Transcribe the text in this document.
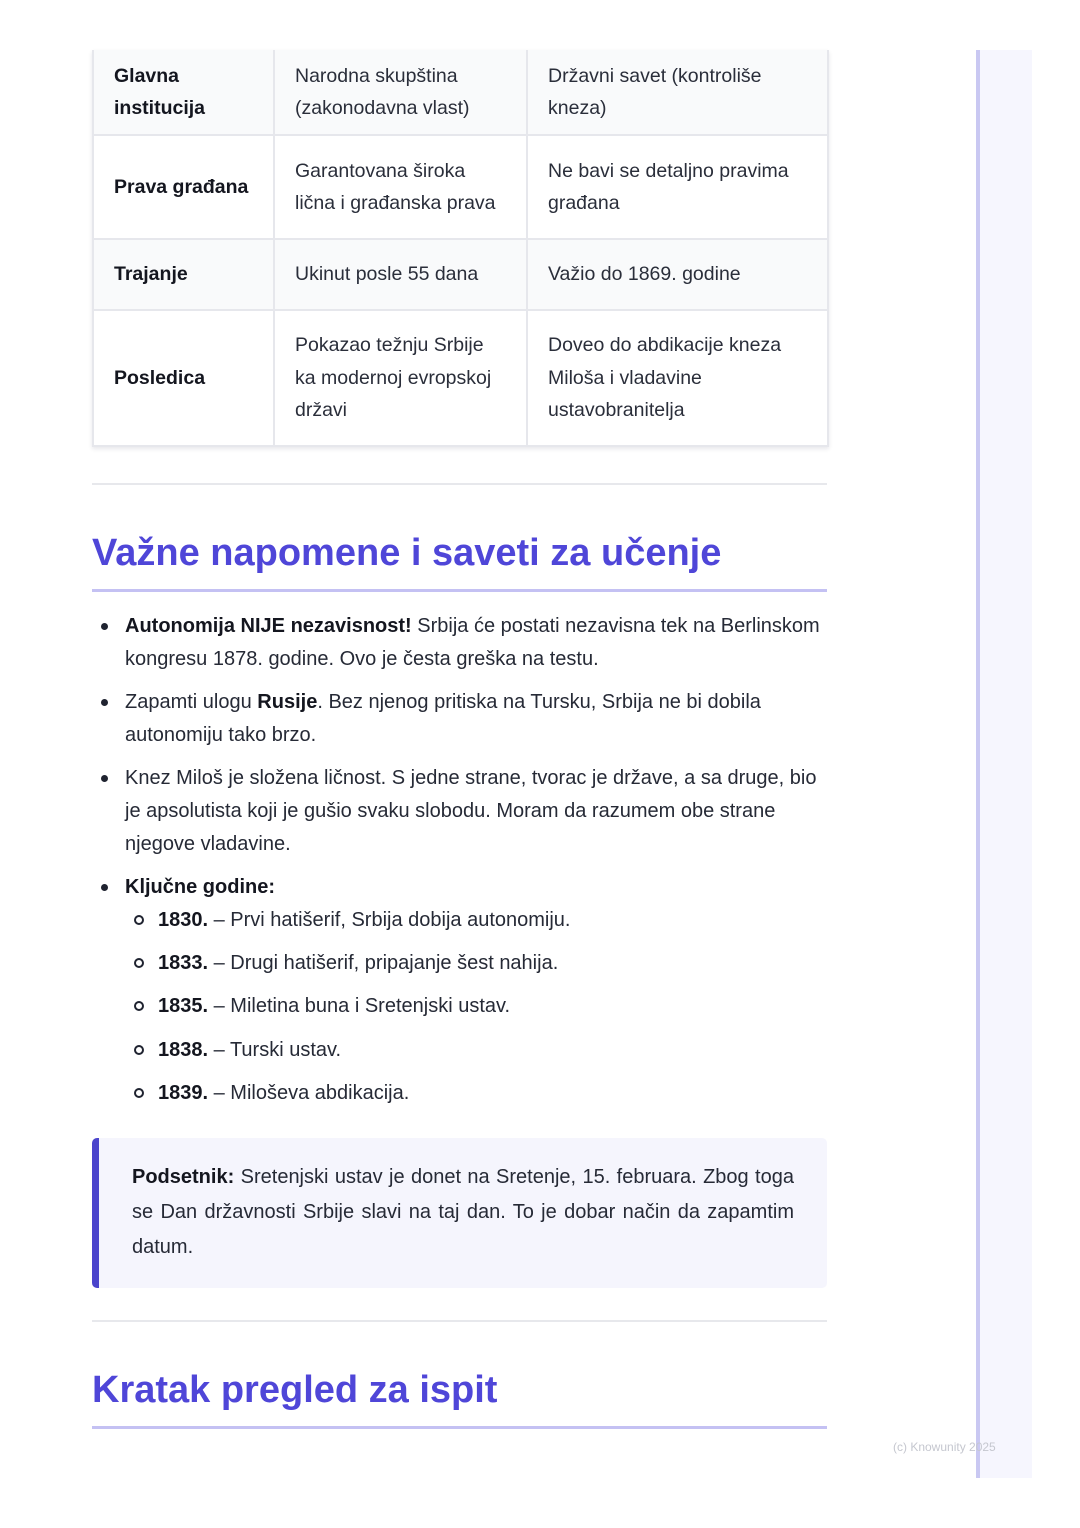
Glavna institucija	Narodna skupština (zakonodavna vlast)	Državni savet (kontroliše kneza)
Prava građana	Garantovana široka lična i građanska prava	Ne bavi se detaljno pravima građana
Trajanje	Ukinut posle 55 dana	Važio do 1869. godine
Posledica	Pokazao težnju Srbije ka modernoj evropskoj državi	Doveo do abdikacije kneza Miloša i vladavine ustavobranitelja
Važne napomene i saveti za učenje
Autonomija NIJE nezavisnost! Srbija će postati nezavisna tek na Berlinskom kongresu 1878. godine. Ovo je česta greška na testu.
Zapamti ulogu Rusije. Bez njenog pritiska na Tursku, Srbija ne bi dobila autonomiju tako brzo.
Knez Miloš je složena ličnost. S jedne strane, tvorac je države, a sa druge, bio je apsolutista koji je gušio svaku slobodu. Moram da razumem obe strane njegove vladavine.
Ključne godine:
1830. – Prvi hatišerif, Srbija dobija autonomiju.
1833. – Drugi hatišerif, pripajanje šest nahija.
1835. – Miletina buna i Sretenjski ustav.
1838. – Turski ustav.
1839. – Miloševa abdikacija.
Podsetnik: Sretenjski ustav je donet na Sretenje, 15. februara. Zbog toga se Dan državnosti Srbije slavi na taj dan. To je dobar način da zapamtim datum.
Kratak pregled za ispit
(c) Knowunity 2025
